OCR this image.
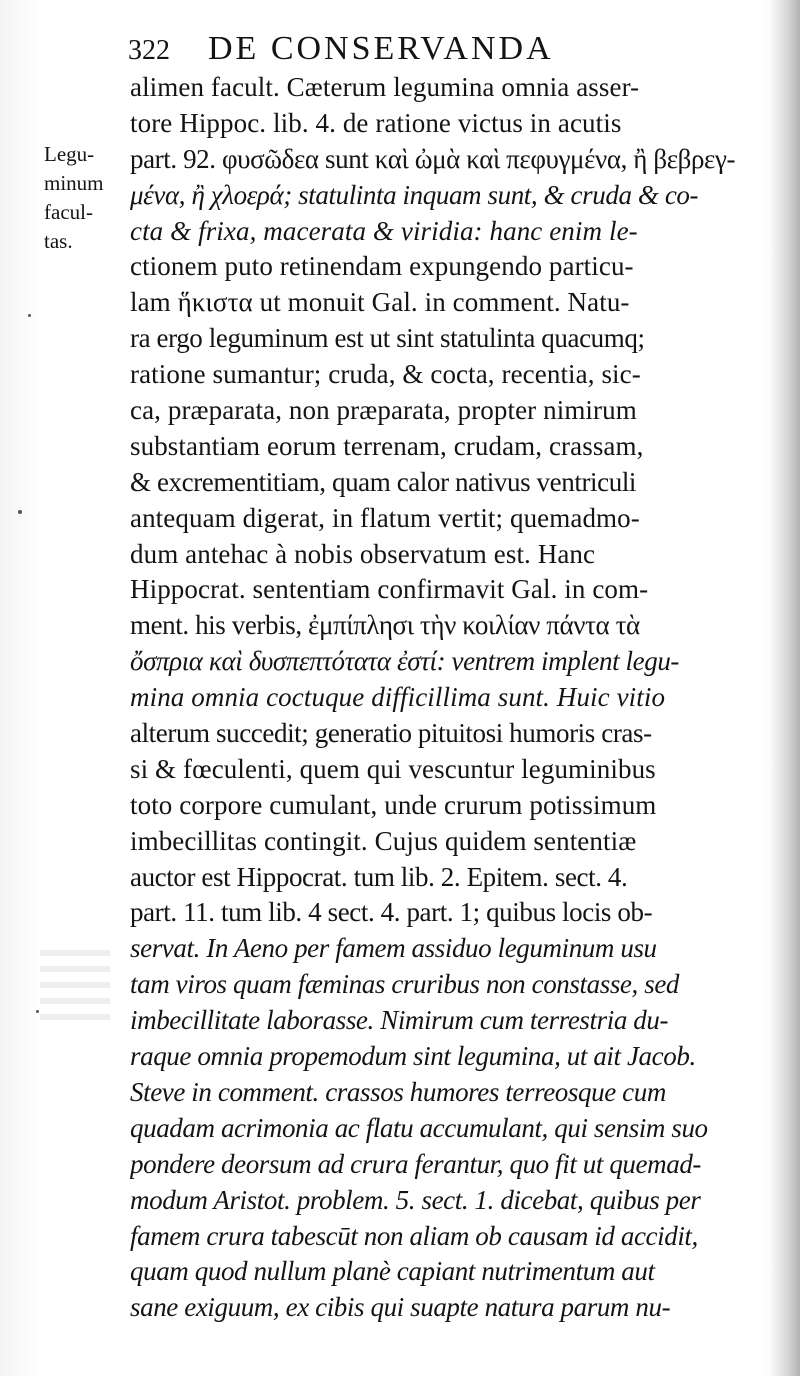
322 DE CONSERVANDA
Legu-
minum
facul-
tas.
alimen facult. Cæterum legumina omnia asser-
tore Hippoc. lib. 4. de ratione victus in acutis
part. 92. φυσῶδεα sunt καὶ ὠμὰ καὶ πεφυγμένα, ἢ βεβρεγ-
μένα, ἢ χλοερά; statulinta inquam sunt, & cruda & co-
cta & frixa, macerata & viridia: hanc enim le-
ctionem puto retinendam expungendo particu-
lam ἥκιστα ut monuit Gal. in comment. Natu-
ra ergo leguminum est ut sint statulinta quacumq;
ratione sumantur; cruda, & cocta, recentia, sic-
ca, præparata, non præparata, propter nimirum
substantiam eorum terrenam, crudam, crassam,
& excrementitiam, quam calor nativus ventriculi
antequam digerat, in flatum vertit; quemadmo-
dum antehac à nobis observatum est. Hanc
Hippocrat. sententiam confirmavit Gal. in com-
ment. his verbis, ἐμπίπλησι τὴν κοιλίαν πάντα τὰ
ὄσπρια καὶ δυσπεπτότατα ἐστί: ventrem implent legu-
mina omnia coctuque difficillima sunt. Huic vitio
alterum succedit; generatio pituitosi humoris cras-
si & fœculenti, quem qui vescuntur leguminibus
toto corpore cumulant, unde crurum potissimum
imbecillitas contingit. Cujus quidem sententiæ
auctor est Hippocrat. tum lib. 2. Epitem. sect. 4.
part. 11. tum lib. 4 sect. 4. part. 1; quibus locis ob-
servat. In Aeno per famem assiduo leguminum usu
tam viros quam fæminas cruribus non constasse, sed
imbecillitate laborasse. Nimirum cum terrestria du-
raque omnia propemodum sint legumina, ut ait Jacob.
Steve in comment. crassos humores terreosque cum
quadam acrimonia ac flatu accumulant, qui sensim suo
pondere deorsum ad crura ferantur, quo fit ut quemad-
modum Aristot. problem. 5. sect. 1. dicebat, quibus per
famem crura tabescūt non aliam ob causam id accidit,
quam quod nullum planè capiant nutrimentum aut
sane exiguum, ex cibis qui suapte natura parum nu-
